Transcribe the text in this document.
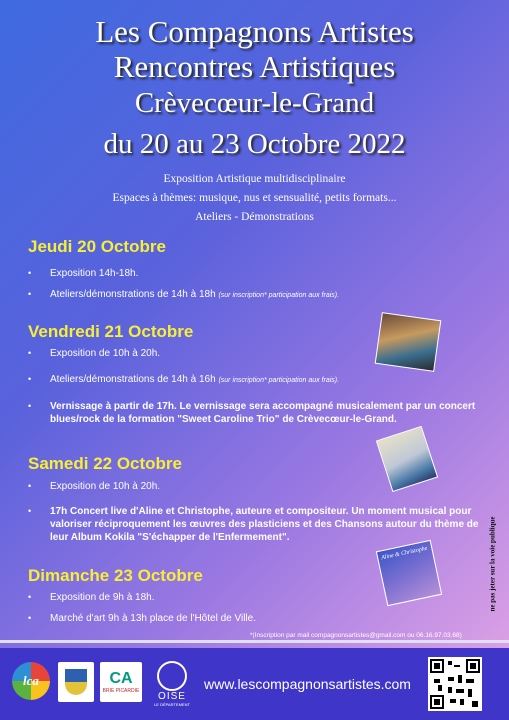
Les Compagnons Artistes
Rencontres Artistiques
Crèvecœur-le-Grand
du 20 au 23 Octobre 2022
Exposition Artistique multidisciplinaire
Espaces à thèmes: musique, nus et sensualité, petits formats...
Ateliers - Démonstrations
Jeudi 20 Octobre
• Exposition 14h-18h.
• Ateliers/démonstrations de 14h à 18h (sur inscription* participation aux frais).
Vendredi 21 Octobre
• Exposition de 10h à 20h.
• Ateliers/démonstrations de 14h à 16h (sur inscription* participation aux frais).
• Vernissage à partir de 17h. Le vernissage sera accompagné musicalement par un concert blues/rock de la formation "Sweet Caroline Trio" de Crèvecœur-le-Grand.
Samedi 22 Octobre
• Exposition de 10h à 20h.
• 17h Concert live d'Aline et Christophe, auteure et compositeur. Un moment musical pour valoriser réciproquement les œuvres des plasticiens et des Chansons autour du thème de leur Album Kokila "S'échapper de l'Enfermement".
Dimanche 23 Octobre
• Exposition de 9h à 18h.
• Marché d'art 9h à 13h place de l'Hôtel de Ville.
*(Inscription par mail compagnonsartistes@gmail.com ou 06.16.97.03.68)
Aline & Christophe	ne pas jeter sur la voie publique
lca	CA
BRIE PICARDIE OISE
LE DÉPARTEMENT
www.lescompagnonsartistes.com
